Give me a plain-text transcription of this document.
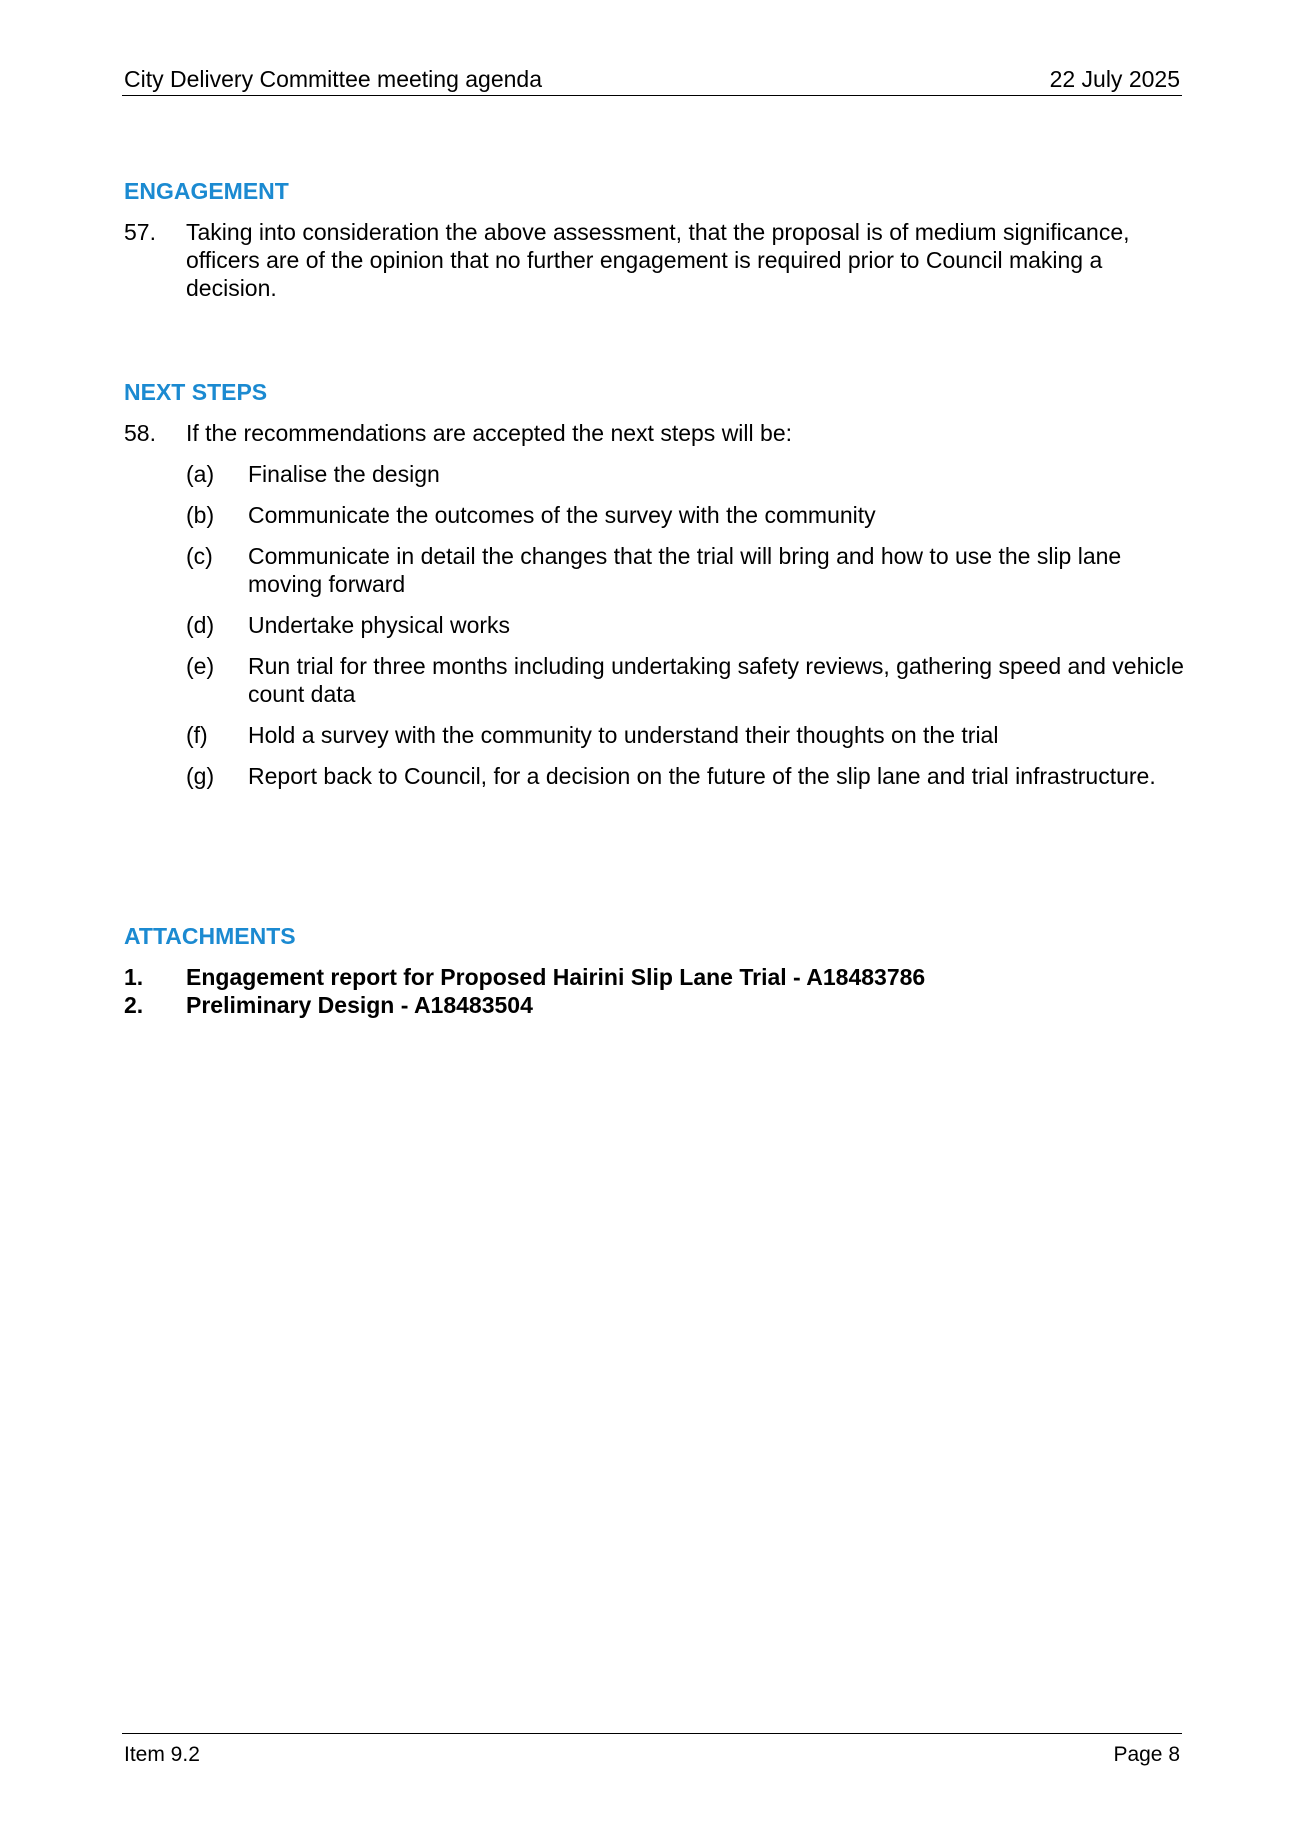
City Delivery Committee meeting agenda	22 July 2025
ENGAGEMENT
57. Taking into consideration the above assessment, that the proposal is of medium significance, officers are of the opinion that no further engagement is required prior to Council making a decision.
NEXT STEPS
58. If the recommendations are accepted the next steps will be:
(a) Finalise the design
(b) Communicate the outcomes of the survey with the community
(c) Communicate in detail the changes that the trial will bring and how to use the slip lane moving forward
(d) Undertake physical works
(e) Run trial for three months including undertaking safety reviews, gathering speed and vehicle count data
(f) Hold a survey with the community to understand their thoughts on the trial
(g) Report back to Council, for a decision on the future of the slip lane and trial infrastructure.
ATTACHMENTS
1. Engagement report for Proposed Hairini Slip Lane Trial - A18483786
2. Preliminary Design - A18483504
Item 9.2	Page 8
